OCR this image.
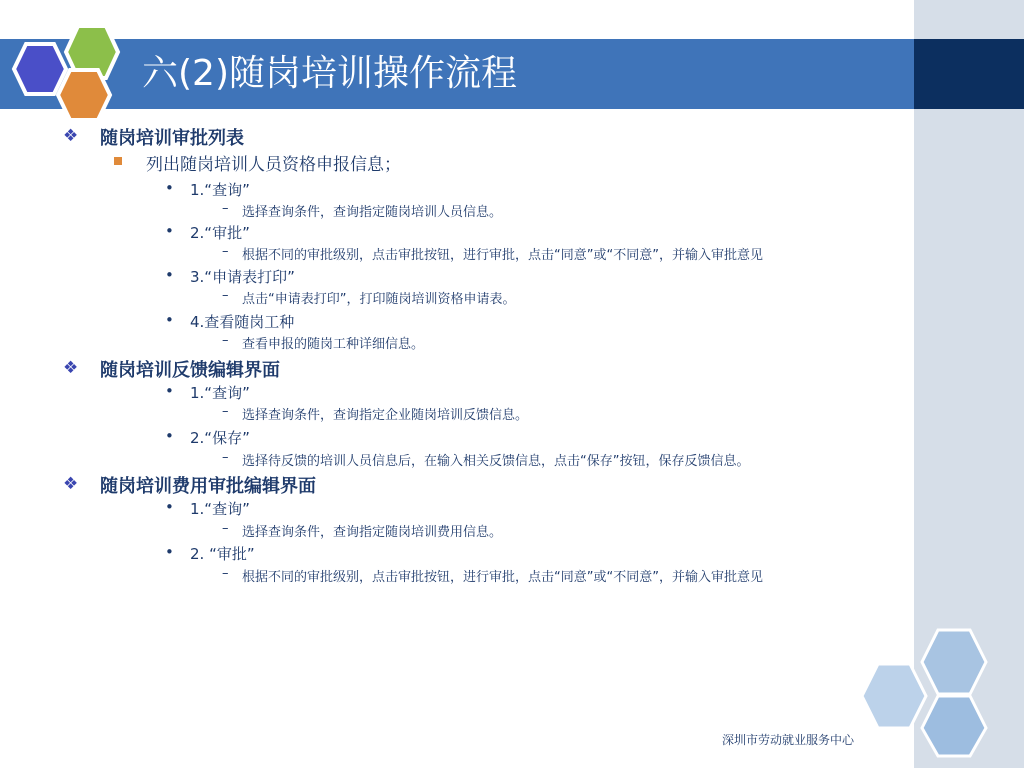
六(2)随岗培训操作流程
❖ 随岗培训审批列表
列出随岗培训人员资格申报信息；
• 1.“查询”
– 选择查询条件，查询指定随岗培训人员信息。
• 2.“审批”
– 根据不同的审批级别，点击审批按钮，进行审批，点击“同意”或“不同意”，并输入审批意见
• 3.“申请表打印”
– 点击“申请表打印”，打印随岗培训资格申请表。
• 4.查看随岗工种
– 查看申报的随岗工种详细信息。
❖ 随岗培训反馈编辑界面
• 1.“查询”
– 选择查询条件，查询指定企业随岗培训反馈信息。
• 2.“保存”
– 选择待反馈的培训人员信息后，在输入相关反馈信息，点击“保存”按钮，保存反馈信息。
❖ 随岗培训费用审批编辑界面
• 1.“查询”
– 选择查询条件，查询指定随岗培训费用信息。
• 2. “审批”
– 根据不同的审批级别，点击审批按钮，进行审批，点击“同意”或“不同意”，并输入审批意见
深圳市劳动就业服务中心
